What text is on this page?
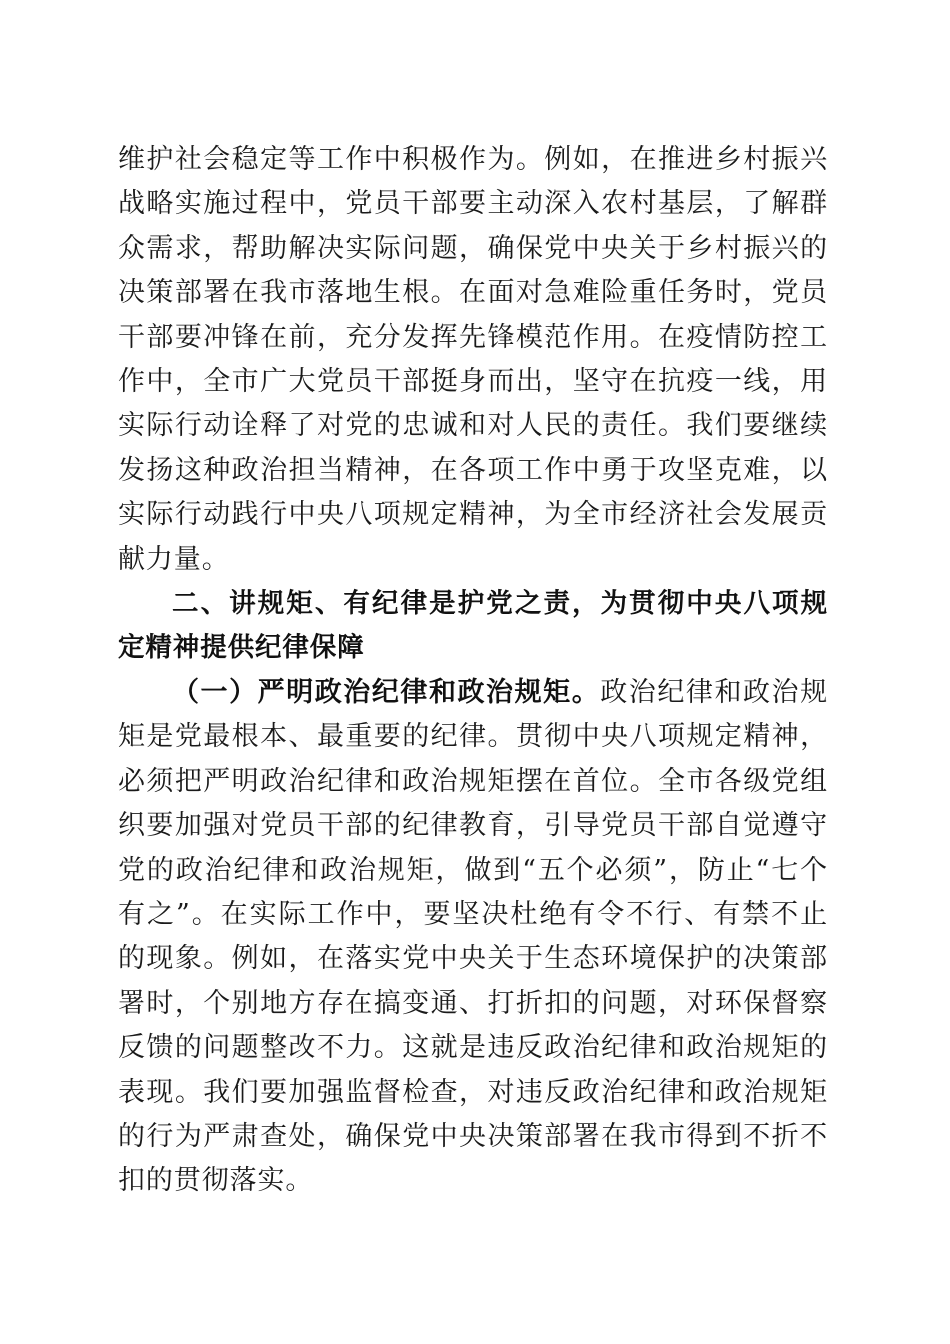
维护社会稳定等工作中积极作为。例如，在推进乡村振兴战略实施过程中，党员干部要主动深入农村基层，了解群众需求，帮助解决实际问题，确保党中央关于乡村振兴的决策部署在我市落地生根。在面对急难险重任务时，党员干部要冲锋在前，充分发挥先锋模范作用。在疫情防控工作中，全市广大党员干部挺身而出，坚守在抗疫一线，用实际行动诠释了对党的忠诚和对人民的责任。我们要继续发扬这种政治担当精神，在各项工作中勇于攻坚克难，以实际行动践行中央八项规定精神，为全市经济社会发展贡献力量。

二、讲规矩、有纪律是护党之责，为贯彻中央八项规定精神提供纪律保障

（一）严明政治纪律和政治规矩。政治纪律和政治规矩是党最根本、最重要的纪律。贯彻中央八项规定精神，必须把严明政治纪律和政治规矩摆在首位。全市各级党组织要加强对党员干部的纪律教育，引导党员干部自觉遵守党的政治纪律和政治规矩，做到“五个必须”，防止“七个有之”。在实际工作中，要坚决杜绝有令不行、有禁不止的现象。例如，在落实党中央关于生态环境保护的决策部署时，个别地方存在搞变通、打折扣的问题，对环保督察反馈的问题整改不力。这就是违反政治纪律和政治规矩的表现。我们要加强监督检查，对违反政治纪律和政治规矩的行为严肃查处，确保党中央决策部署在我市得到不折不扣的贯彻落实。
